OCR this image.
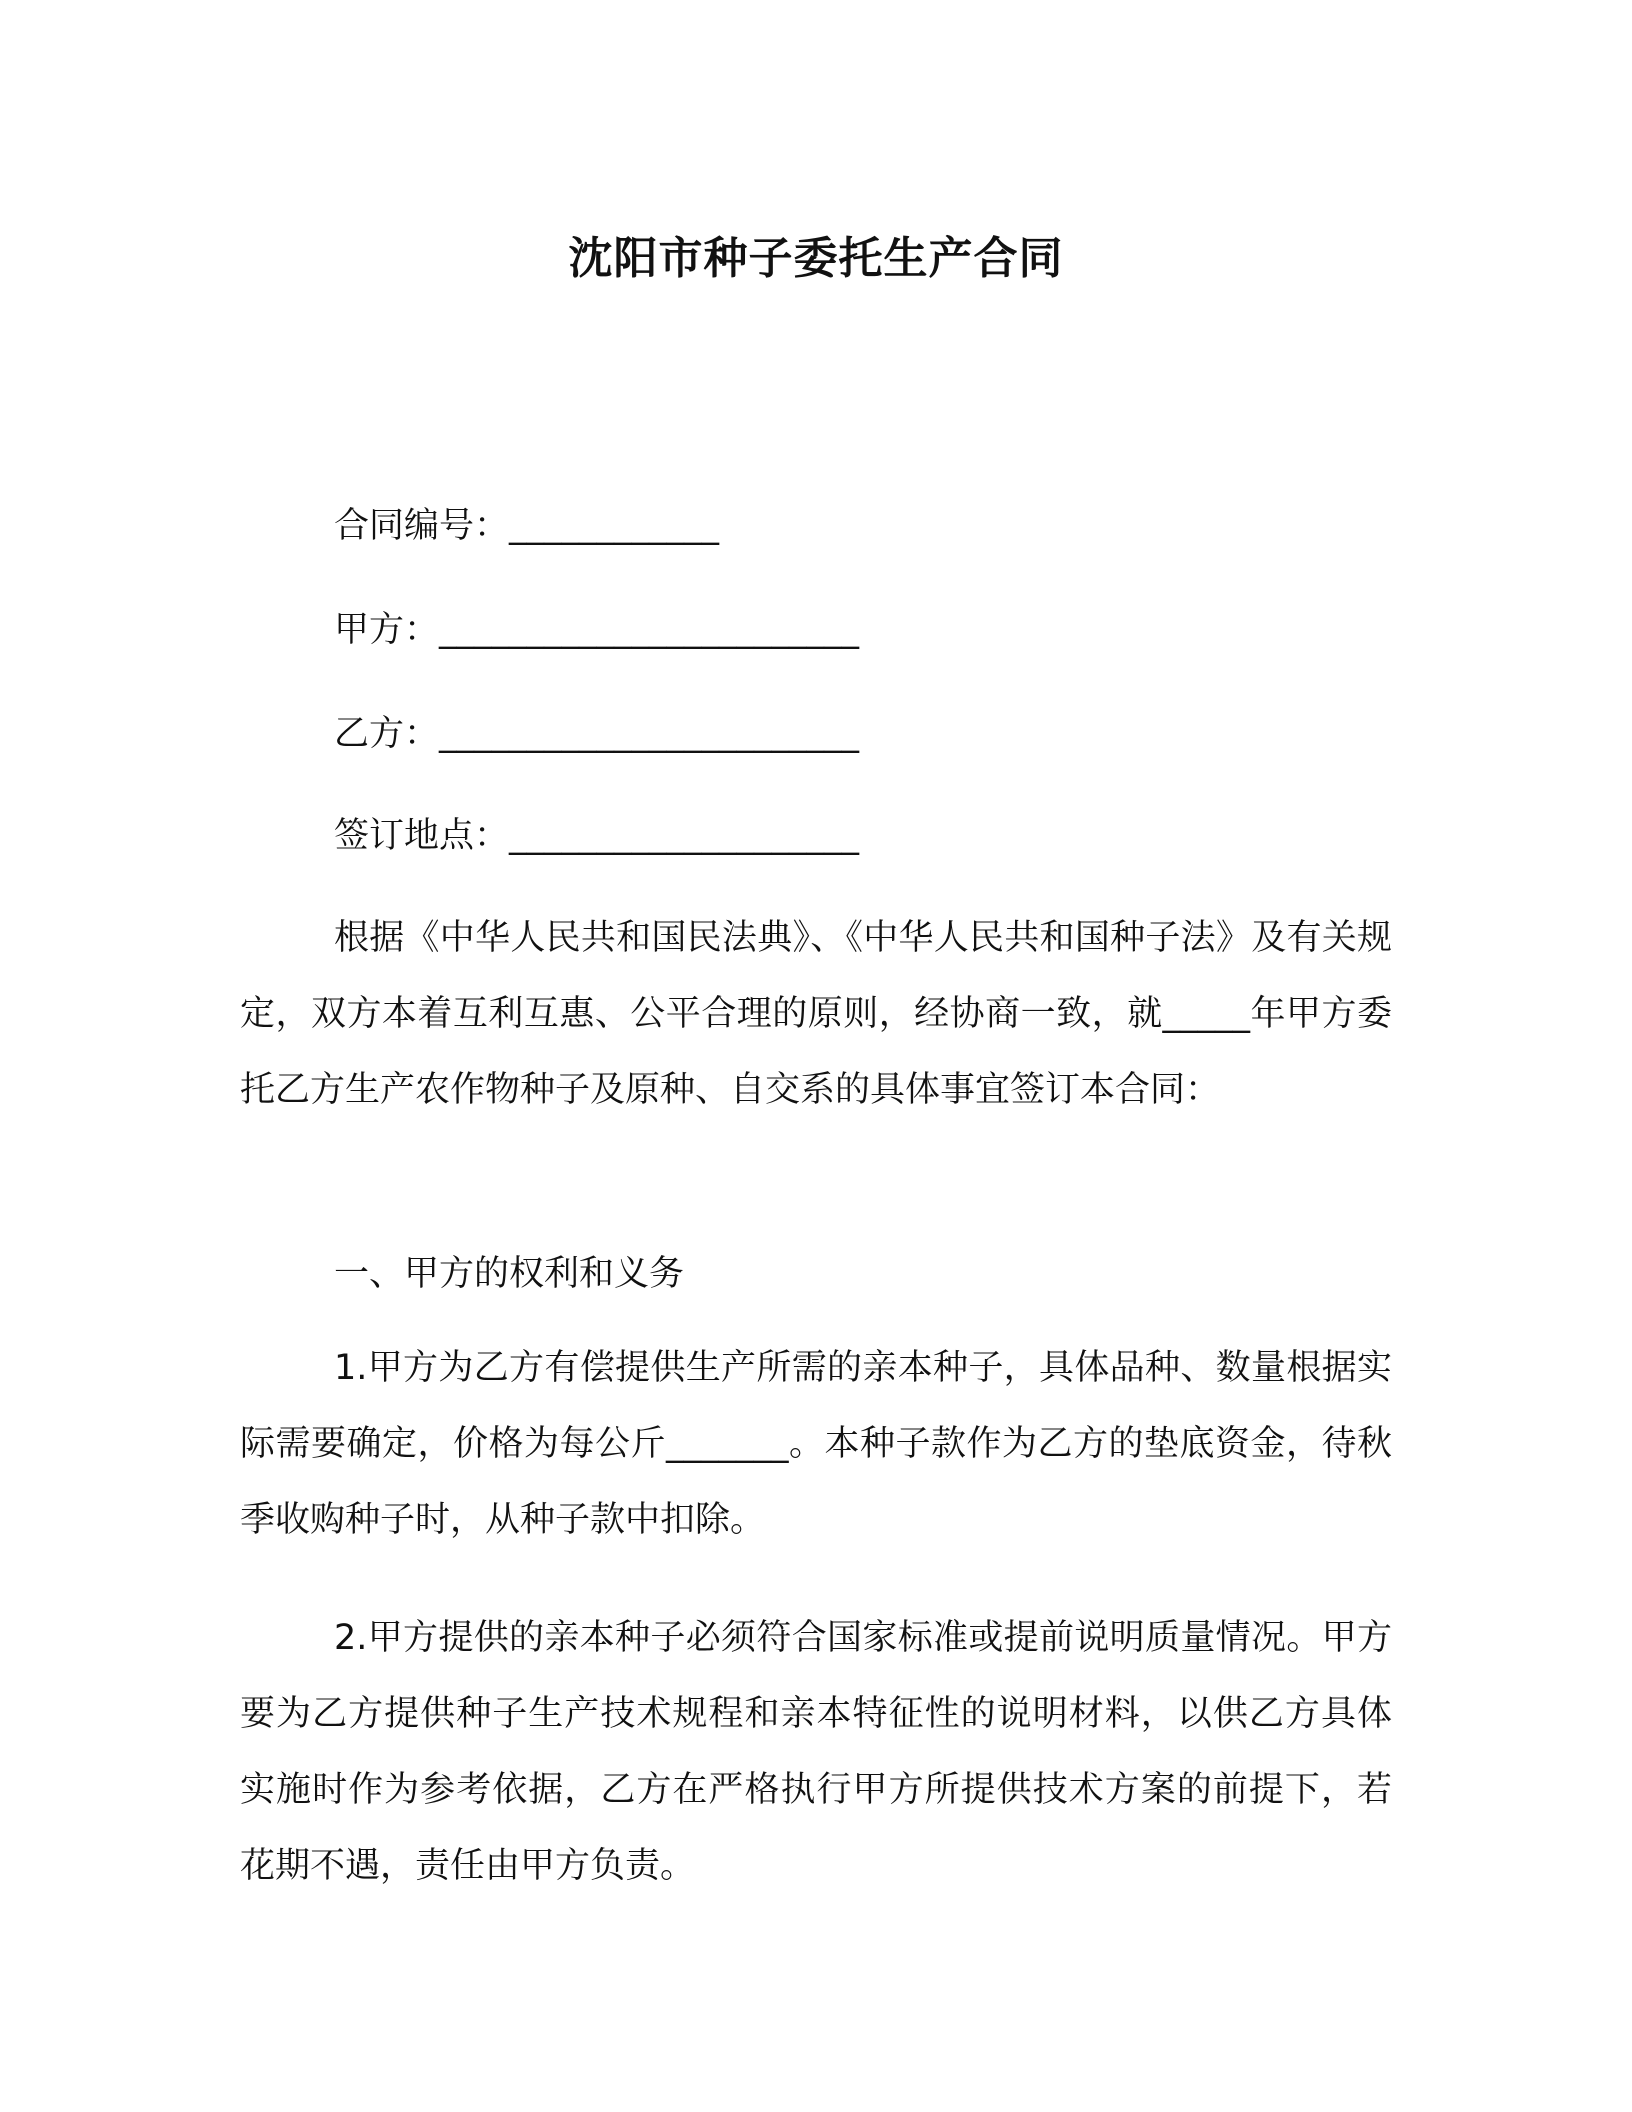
沈阳市种子委托生产合同
合同编号：____________
甲方：________________________
乙方：________________________
签订地点：____________________

根据《中华人民共和国民法典》、《中华人民共和国种子法》及有关规定，双方本着互利互惠、公平合理的原则，经协商一致，就_____年甲方委托乙方生产农作物种子及原种、自交系的具体事宜签订本合同：

一、甲方的权利和义务

1.甲方为乙方有偿提供生产所需的亲本种子，具体品种、数量根据实际需要确定，价格为每公斤_______。本种子款作为乙方的垫底资金，待秋季收购种子时，从种子款中扣除。

2.甲方提供的亲本种子必须符合国家标准或提前说明质量情况。甲方要为乙方提供种子生产技术规程和亲本特征性的说明材料，以供乙方具体实施时作为参考依据，乙方在严格执行甲方所提供技术方案的前提下，若花期不遇，责任由甲方负责。
